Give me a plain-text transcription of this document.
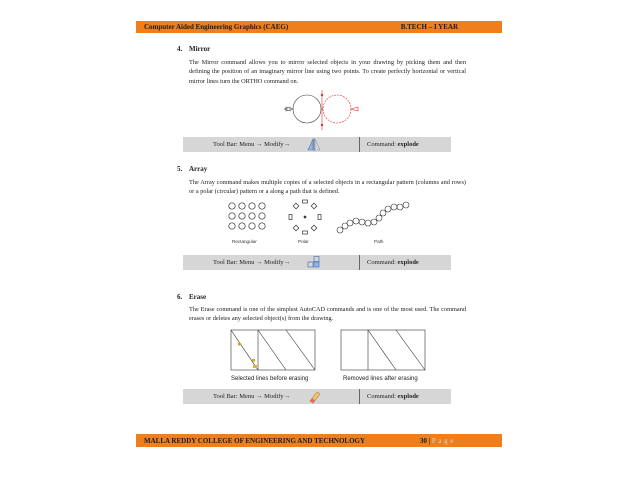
Computer Aided Engineering Graphics (CAEG)	B.TECH – I YEAR
4. Mirror
The Mirror command allows you to mirror selected objects in your drawing by picking them and then defining the position of an imaginary mirror line using two points. To create perfectly horizontal or vertical mirror lines turn the ORTHO command on.
Tool Bar: Menu → Modify→	Command: explode
5. Array
The Array command makes multiple copies of a selected objects in a rectangular pattern (columns and rows) or a polar (circular) pattern or a along a path that is defined.
Rectangular	Polar	Path
Tool Bar: Menu → Modify→	Command: explode
6. Erase
The Erase command is one of the simplest AutoCAD commands and is one of the most used. The command erases or deletes any selected object(s) from the drawing.
Selected lines before erasing	Removed lines after erasing
Tool Bar: Menu → Modify→	Command: explode
MALLA REDDY COLLEGE OF ENGINEERING AND TECHNOLOGY	30 | P a g e
